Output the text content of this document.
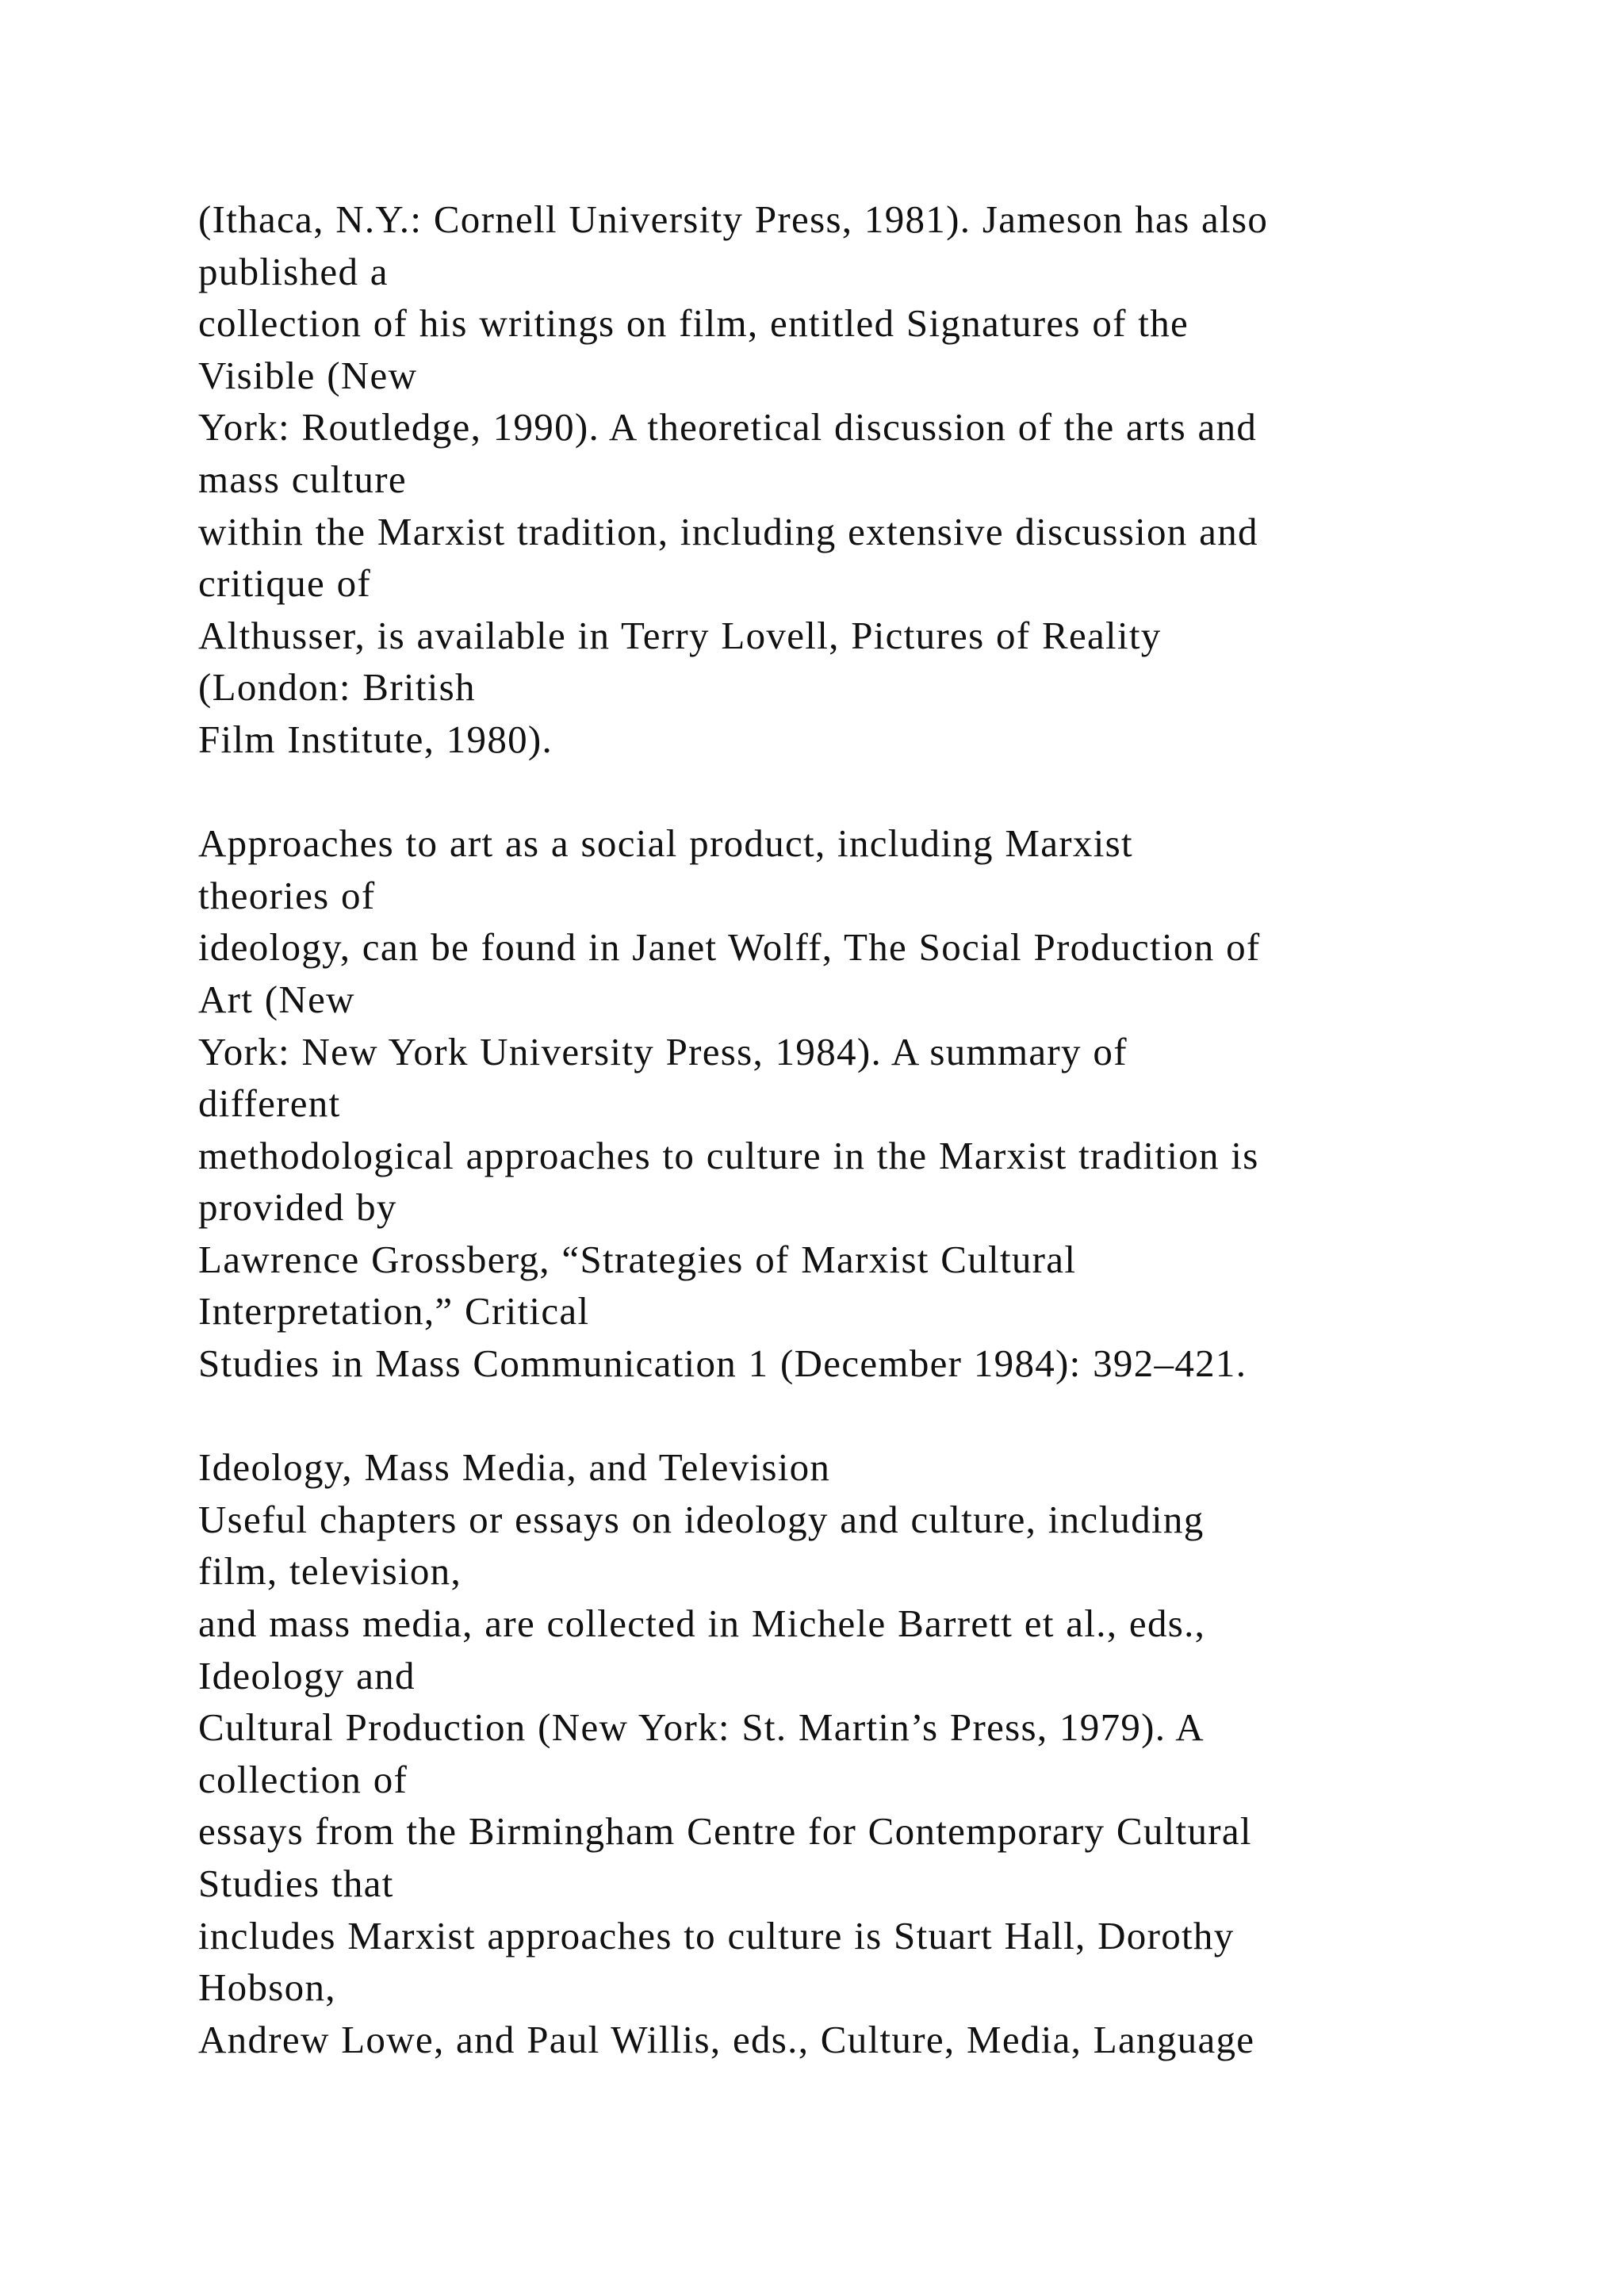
(Ithaca, N.Y.: Cornell University Press, 1981). Jameson has also
published a
collection of his writings on film, entitled Signatures of the
Visible (New
York: Routledge, 1990). A theoretical discussion of the arts and
mass culture
within the Marxist tradition, including extensive discussion and
critique of
Althusser, is available in Terry Lovell, Pictures of Reality
(London: British
Film Institute, 1980).
Approaches to art as a social product, including Marxist
theories of
ideology, can be found in Janet Wolff, The Social Production of
Art (New
York: New York University Press, 1984). A summary of
different
methodological approaches to culture in the Marxist tradition is
provided by
Lawrence Grossberg, “Strategies of Marxist Cultural
Interpretation,” Critical
Studies in Mass Communication 1 (December 1984): 392–421.
Ideology, Mass Media, and Television
Useful chapters or essays on ideology and culture, including
film, television,
and mass media, are collected in Michele Barrett et al., eds.,
Ideology and
Cultural Production (New York: St. Martin’s Press, 1979). A
collection of
essays from the Birmingham Centre for Contemporary Cultural
Studies that
includes Marxist approaches to culture is Stuart Hall, Dorothy
Hobson,
Andrew Lowe, and Paul Willis, eds., Culture, Media, Language
